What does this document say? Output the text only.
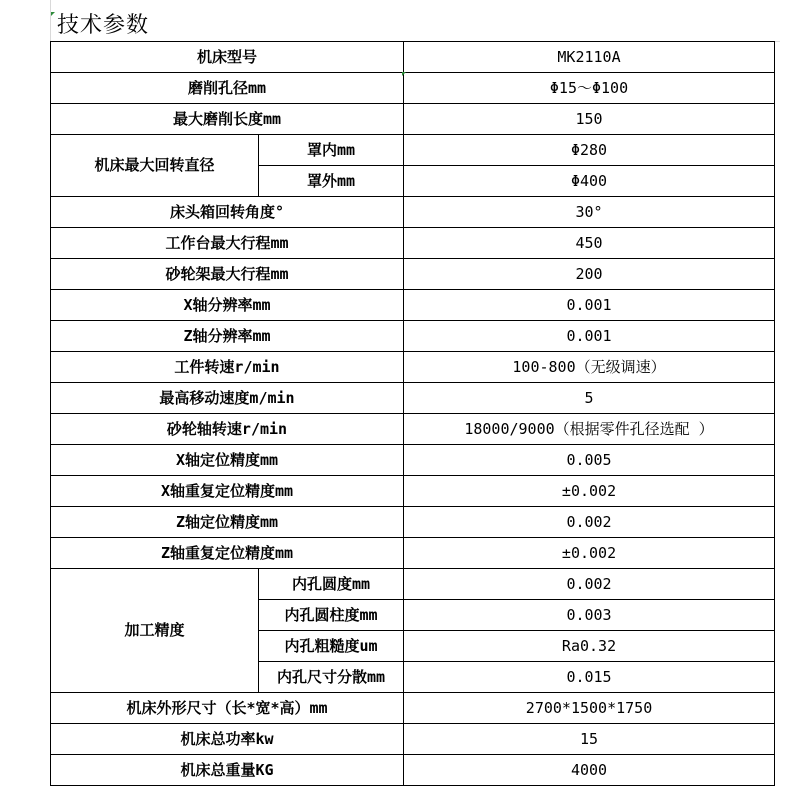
技术参数
机床型号		MK2110A
磨削孔径mm		Φ15～Φ100
最大磨削长度mm		150
机床最大回转直径	罩内mm	Φ280
	罩外mm	Φ400
床头箱回转角度°		30°
工作台最大行程mm		450
砂轮架最大行程mm		200
X轴分辨率mm		0.001
Z轴分辨率mm		0.001
工件转速r/min		100-800（无级调速）
最高移动速度m/min		5
砂轮轴转速r/min		18000/9000（根据零件孔径选配 ）
X轴定位精度mm		0.005
X轴重复定位精度mm		±0.002
Z轴定位精度mm		0.002
Z轴重复定位精度mm		±0.002
加工精度	内孔圆度mm	0.002
	内孔圆柱度mm	0.003
	内孔粗糙度um	Ra0.32
	内孔尺寸分散mm	0.015
机床外形尺寸（长*宽*高）mm		2700*1500*1750
机床总功率kw		15
机床总重量KG		4000
